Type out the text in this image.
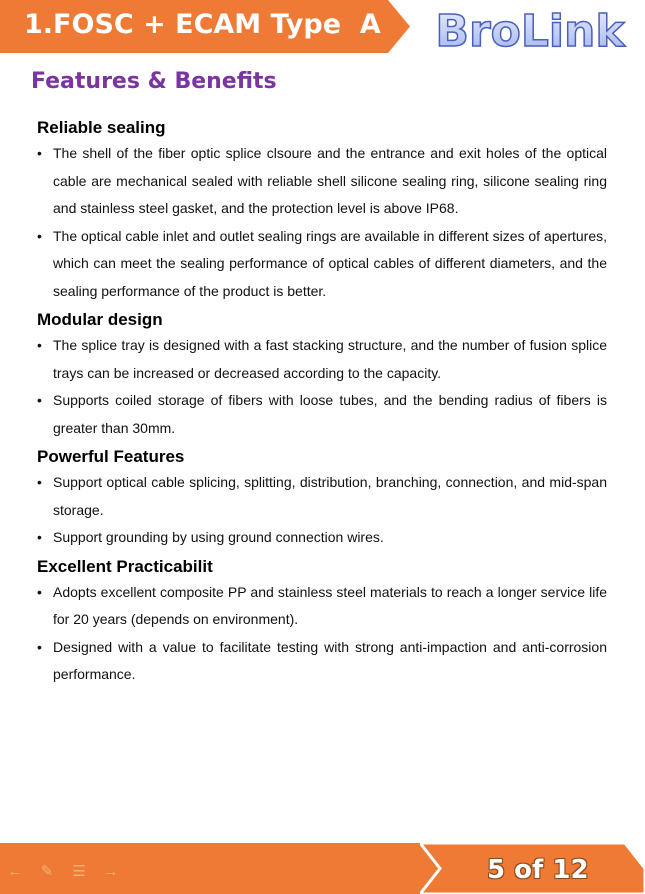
1.FOSC + ECAM Type  A BroLink
Features & Benefits
Reliable sealing
• The shell of the fiber optic splice clsoure and the entrance and exit holes of the optical cable are mechanical sealed with reliable shell silicone sealing ring, silicone sealing ring and stainless steel gasket, and the protection level is above IP68.
• The optical cable inlet and outlet sealing rings are available in different sizes of apertures, which can meet the sealing performance of optical cables of different diameters, and the sealing performance of the product is better.
Modular design
• The splice tray is designed with a fast stacking structure, and the number of fusion splice trays can be increased or decreased according to the capacity.
• Supports coiled storage of fibers with loose tubes, and the bending radius of fibers is greater than 30mm.
Powerful Features
• Support optical cable splicing, splitting, distribution, branching, connection, and mid-span storage.
• Support grounding by using ground connection wires.
Excellent Practicabilit
• Adopts excellent composite PP and stainless steel materials to reach a longer service life for 20 years (depends on environment).
• Designed with a value to facilitate testing with strong anti-impaction and anti-corrosion performance.
← ✎ ☰ →	5 of 12
